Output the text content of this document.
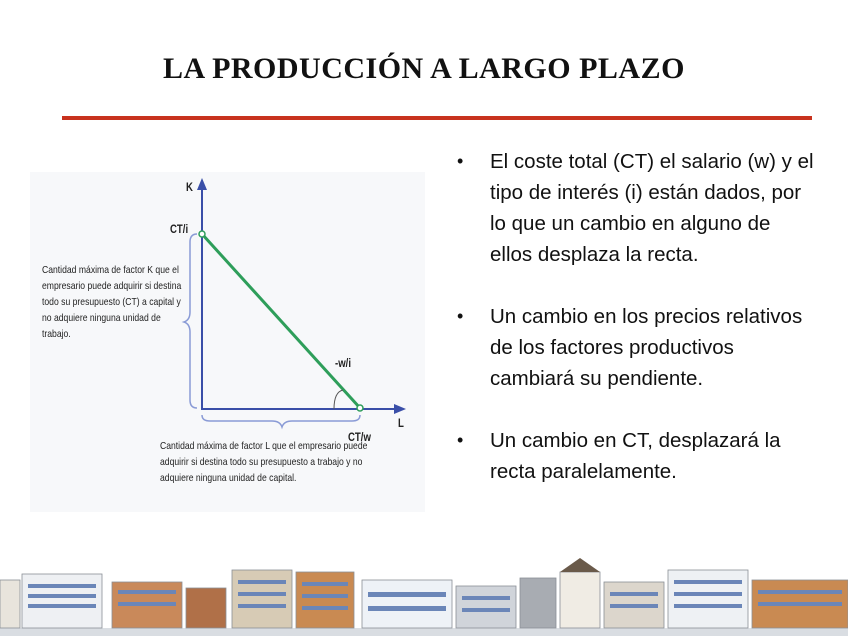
LA PRODUCCIÓN A LARGO PLAZO
K
L
CT/i
CT/w
-w/i
Cantidad máxima de factor K que el empresario puede adquirir si destina todo su presupuesto (CT) a capital y no adquiere ninguna unidad de trabajo.
Cantidad máxima de factor L que el empresario puede adquirir si destina todo su presupuesto a trabajo y no adquiere ninguna unidad de capital.
• El coste total (CT) el salario (w) y el tipo de interés (i) están dados, por lo que un cambio en alguno de ellos desplaza la recta.
• Un cambio en los precios relativos de los factores productivos cambiará su pendiente.
• Un cambio en CT, desplazará la recta paralelamente.
